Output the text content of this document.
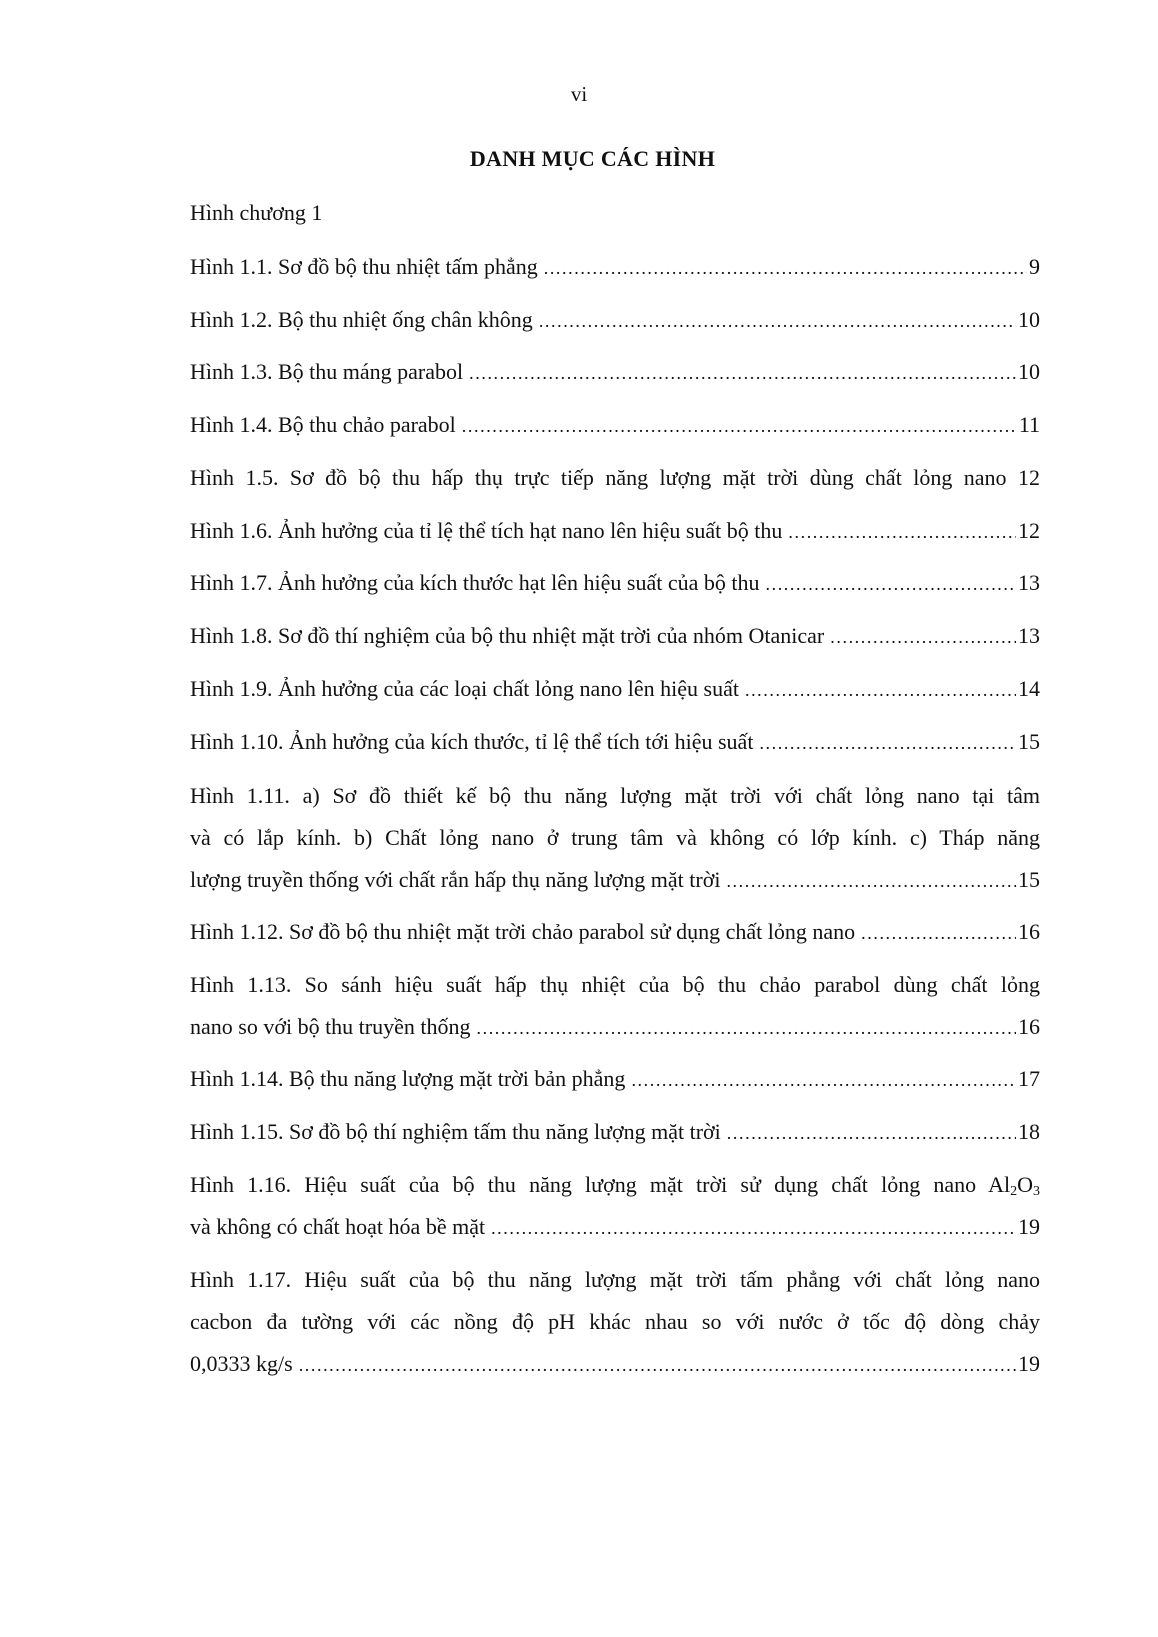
vi
DANH MỤC CÁC HÌNH
Hình chương 1
Hình 1.1. Sơ đồ bộ thu nhiệt tấm phẳng .....	9
Hình 1.2. Bộ thu nhiệt ống chân không .....	10
Hình 1.3. Bộ thu máng parabol .....	10
Hình 1.4. Bộ thu chảo parabol .....	11
Hình 1.5. Sơ đồ bộ thu hấp thụ trực tiếp năng lượng mặt trời dùng chất lỏng nano 12
Hình 1.6. Ảnh hưởng của tỉ lệ thể tích hạt nano lên hiệu suất bộ thu .....	12
Hình 1.7. Ảnh hưởng của kích thước hạt lên hiệu suất của bộ thu .....	13
Hình 1.8. Sơ đồ thí nghiệm của bộ thu nhiệt mặt trời của nhóm Otanicar .....	13
Hình 1.9. Ảnh hưởng của các loại chất lỏng nano lên hiệu suất .....	14
Hình 1.10. Ảnh hưởng của kích thước, tỉ lệ thể tích tới hiệu suất .....	15
Hình 1.11. a) Sơ đồ thiết kế bộ thu năng lượng mặt trời với chất lỏng nano tại tâm
và có lắp kính. b) Chất lỏng nano ở trung tâm và không có lớp kính. c) Tháp năng
lượng truyền thống với chất rắn hấp thụ năng lượng mặt trời .....	15
Hình 1.12. Sơ đồ bộ thu nhiệt mặt trời chảo parabol sử dụng chất lỏng nano .....	16
Hình 1.13. So sánh hiệu suất hấp thụ nhiệt của bộ thu chảo parabol dùng chất lỏng
nano so với bộ thu truyền thống .....	16
Hình 1.14. Bộ thu năng lượng mặt trời bản phẳng .....	17
Hình 1.15. Sơ đồ bộ thí nghiệm tấm thu năng lượng mặt trời .....	18
Hình 1.16. Hiệu suất của bộ thu năng lượng mặt trời sử dụng chất lỏng nano $Al_2O_3$
và không có chất hoạt hóa bề mặt .....	19
Hình 1.17. Hiệu suất của bộ thu năng lượng mặt trời tấm phẳng với chất lỏng nano
cacbon đa tường với các nồng độ pH khác nhau so với nước ở tốc độ dòng chảy
0,0333 kg/s .....	19
